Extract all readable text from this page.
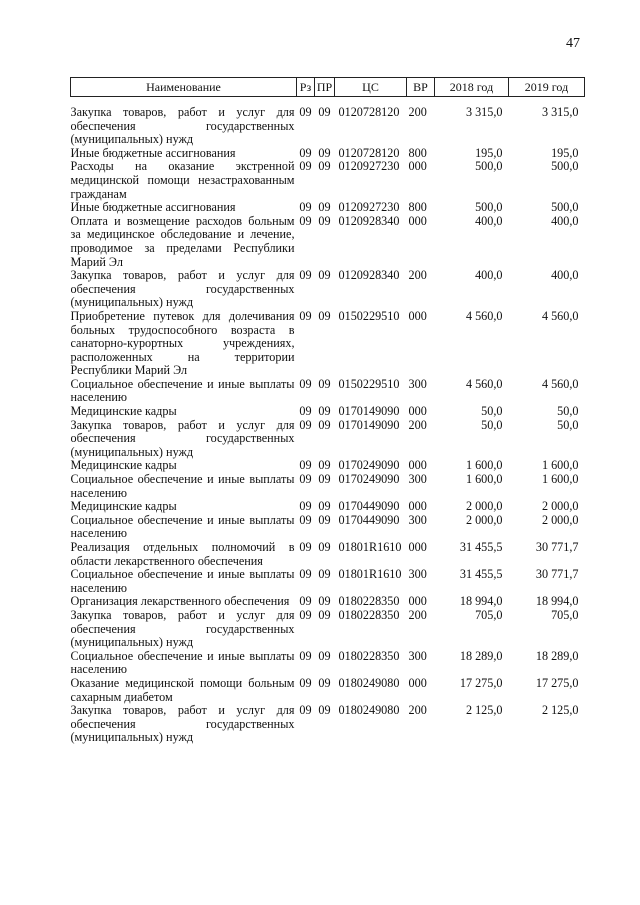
47
Наименование	Рз	ПР	ЦС	ВР	2018 год	2019 год
Закупка товаров, работ и услуг для обеспечения государственных (муниципальных) нужд	09	09	0120728120	200	3 315,0	3 315,0
Иные бюджетные ассигнования	09	09	0120728120	800	195,0	195,0
Расходы на оказание экстренной медицинской помощи незастрахованным гражданам	09	09	0120927230	000	500,0	500,0
Иные бюджетные ассигнования	09	09	0120927230	800	500,0	500,0
Оплата и возмещение расходов больным за медицинское обследование и лечение, проводимое за пределами Республики Марий Эл	09	09	0120928340	000	400,0	400,0
Закупка товаров, работ и услуг для обеспечения государственных (муниципальных) нужд	09	09	0120928340	200	400,0	400,0
Приобретение путевок для долечивания больных трудоспособного возраста в санаторно-курортных учреждениях, расположенных на территории Республики Марий Эл	09	09	0150229510	000	4 560,0	4 560,0
Социальное обеспечение и иные выплаты населению	09	09	0150229510	300	4 560,0	4 560,0
Медицинские кадры	09	09	0170149090	000	50,0	50,0
Закупка товаров, работ и услуг для обеспечения государственных (муниципальных) нужд	09	09	0170149090	200	50,0	50,0
Медицинские кадры	09	09	0170249090	000	1 600,0	1 600,0
Социальное обеспечение и иные выплаты населению	09	09	0170249090	300	1 600,0	1 600,0
Медицинские кадры	09	09	0170449090	000	2 000,0	2 000,0
Социальное обеспечение и иные выплаты населению	09	09	0170449090	300	2 000,0	2 000,0
Реализация отдельных полномочий в области лекарственного обеспечения	09	09	01801R1610	000	31 455,5	30 771,7
Социальное обеспечение и иные выплаты населению	09	09	01801R1610	300	31 455,5	30 771,7
Организация лекарственного обеспечения	09	09	0180228350	000	18 994,0	18 994,0
Закупка товаров, работ и услуг для обеспечения государственных (муниципальных) нужд	09	09	0180228350	200	705,0	705,0
Социальное обеспечение и иные выплаты населению	09	09	0180228350	300	18 289,0	18 289,0
Оказание медицинской помощи больным сахарным диабетом	09	09	0180249080	000	17 275,0	17 275,0
Закупка товаров, работ и услуг для обеспечения государственных (муниципальных) нужд	09	09	0180249080	200	2 125,0	2 125,0
